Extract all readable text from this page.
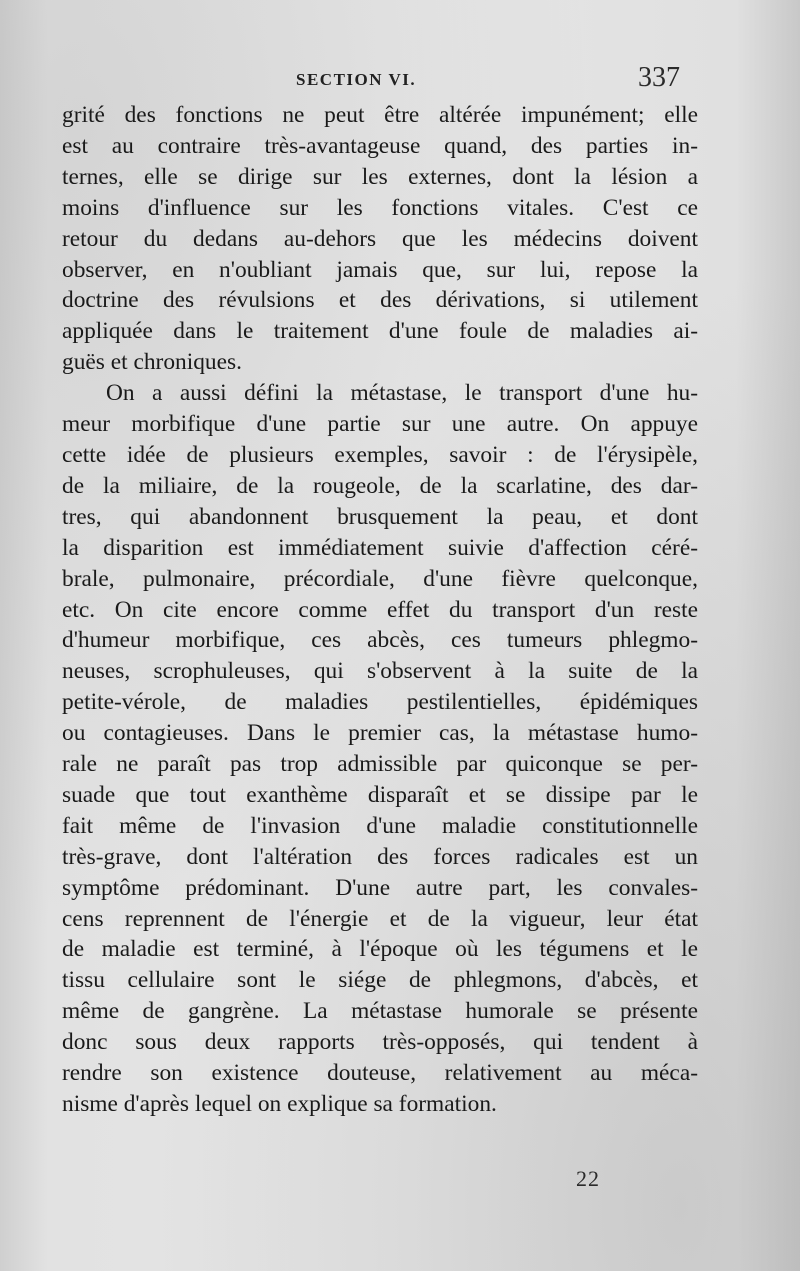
SECTION VI.	337
grité des fonctions ne peut être altérée impunément; elle
est au contraire très-avantageuse quand, des parties in-
ternes, elle se dirige sur les externes, dont la lésion a
moins d'influence sur les fonctions vitales. C'est ce
retour du dedans au-dehors que les médecins doivent
observer, en n'oubliant jamais que, sur lui, repose la
doctrine des révulsions et des dérivations, si utilement
appliquée dans le traitement d'une foule de maladies ai-
guës et chroniques.
On a aussi défini la métastase, le transport d'une hu-
meur morbifique d'une partie sur une autre. On appuye
cette idée de plusieurs exemples, savoir : de l'érysipèle,
de la miliaire, de la rougeole, de la scarlatine, des dar-
tres, qui abandonnent brusquement la peau, et dont
la disparition est immédiatement suivie d'affection céré-
brale, pulmonaire, précordiale, d'une fièvre quelconque,
etc. On cite encore comme effet du transport d'un reste
d'humeur morbifique, ces abcès, ces tumeurs phlegmo-
neuses, scrophuleuses, qui s'observent à la suite de la
petite-vérole, de maladies pestilentielles, épidémiques
ou contagieuses. Dans le premier cas, la métastase humo-
rale ne paraît pas trop admissible par quiconque se per-
suade que tout exanthème disparaît et se dissipe par le
fait même de l'invasion d'une maladie constitutionnelle
très-grave, dont l'altération des forces radicales est un
symptôme prédominant. D'une autre part, les convales-
cens reprennent de l'énergie et de la vigueur, leur état
de maladie est terminé, à l'époque où les tégumens et le
tissu cellulaire sont le siége de phlegmons, d'abcès, et
même de gangrène. La métastase humorale se présente
donc sous deux rapports très-opposés, qui tendent à
rendre son existence douteuse, relativement au méca-
nisme d'après lequel on explique sa formation.
22
